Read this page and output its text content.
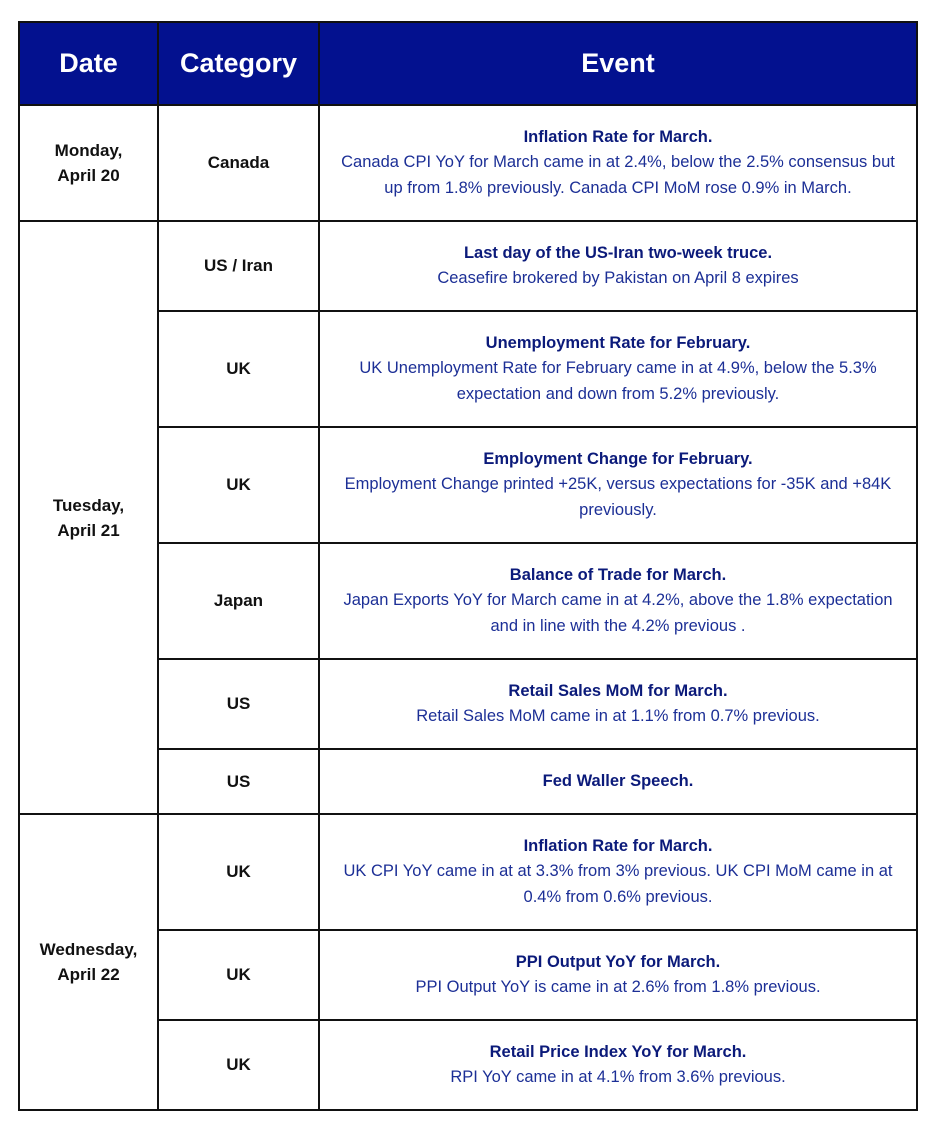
Date	Category	Event

Monday,
April 20	Canada	Inflation Rate for March.
Canada CPI YoY for March came in at 2.4%, below the 2.5% consensus but up from 1.8% previously. Canada CPI MoM rose 0.9% in March.

Tuesday,
April 21	US / Iran	Last day of the US-Iran two-week truce.
Ceasefire brokered by Pakistan on April 8 expires

	UK	Unemployment Rate for February.
UK Unemployment Rate for February came in at 4.9%, below the 5.3% expectation and down from 5.2% previously.

	UK	Employment Change for February.
Employment Change printed +25K, versus expectations for -35K and +84K previously.

	Japan	Balance of Trade for March.
Japan Exports YoY for March came in at 4.2%, above the 1.8% expectation and in line with the 4.2% previous .

	US	Retail Sales MoM for March.
Retail Sales MoM came in at 1.1% from 0.7% previous.

	US	Fed Waller Speech.

Wednesday,
April 22	UK	Inflation Rate for March.
UK CPI YoY came in at at 3.3% from 3% previous. UK CPI MoM came in at 0.4% from 0.6% previous.

	UK	PPI Output YoY for March.
PPI Output YoY is came in at 2.6% from 1.8% previous.

	UK	Retail Price Index YoY for March.
RPI YoY came in at 4.1% from 3.6% previous.
